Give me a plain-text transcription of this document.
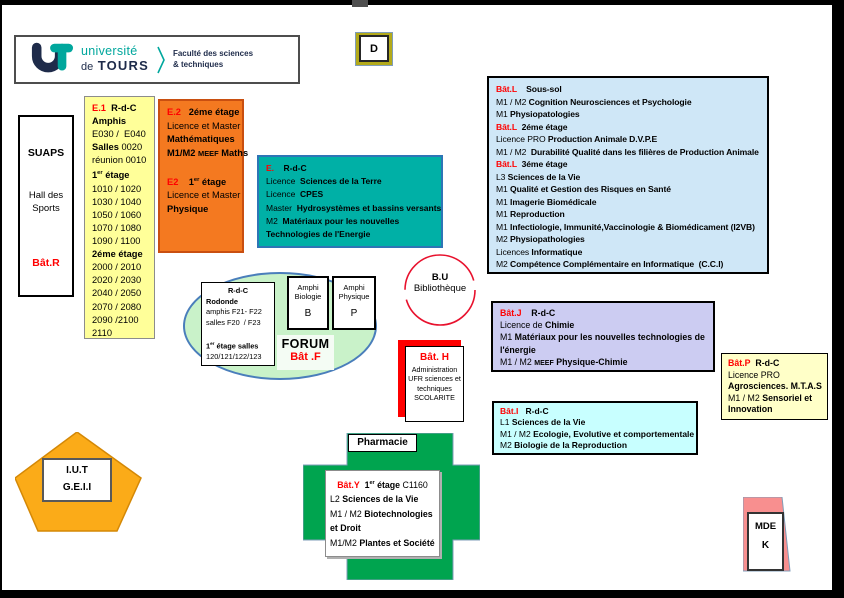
université
de TOURS
Faculté des sciences
& techniques
D
SUAPS
Hall des
Sports
Bât.R
E.1 R-d-C
Amphis
E030 /  E040
Salles 0020
réunion 0010
1er étage
1010 / 1020
1030 / 1040
1050 / 1060
1070 / 1080
1090 / 1100
2éme étage
2000 / 2010
2020 / 2030
2040 / 2050
2070 / 2080
2090 /2100
2110
E.2 2éme étage
Licence et Master
Mathématiques
M1/M2 MEEF Maths

E2 1er étage
Licence et Master
Physique
E. R-d-C
Licence  Sciences de la Terre
Licence  CPES
Master  Hydrosystèmes et bassins versants
M2  Matériaux pour les nouvelles
Technologies de l'Energie
Bât.L Sous-sol
M1 / M2 Cognition Neurosciences et Psychologie
M1 Physiopatologies
Bât.L 2éme étage
Licence PRO Production Animale D.V.P.E
M1 / M2  Durabilité Qualité dans les filières de Production Animale
Bât.L 3éme étage
L3 Sciences de la Vie
M1 Qualité et Gestion des Risques en Santé
M1 Imagerie Biomédicale
M1 Reproduction
M1 Infectiologie, Immunité,Vaccinologie & Biomédicament (I2VB)
M2 Physiopathologies
Licences Informatique
M2 Compétence Complémentaire en Informatique  (C.C.I)
Bât.J R-d-C
Licence de Chimie
M1 Matériaux pour les nouvelles technologies de
l'énergie
M1 / M2 MEEF Physique-Chimie	Bât.P R-d-C
Licence PRO
Agrosciences. M.T.A.S
M1 / M2 Sensoriel et
Innovation
Bât.I R-d-C
L1 Sciences de la Vie
M1 / M2 Ecologie, Evolutive et comportementale
M2 Biologie de la Reproduction
R-d-C
Rodonde
amphis F21- F22
salles F20  / F23

1er étage salles
120/121/122/123
Amphi
Biologie
B
Amphi
Physique
P
FORUM
Bât .F
B.U
Bibliothèque
Bât. H
Administration
UFR sciences et
techniques
SCOLARITE
Pharmacie
Bât.Y 1er étage C1160
L2 Sciences de la Vie
M1 / M2 Biotechnologies
et Droit
M1/M2 Plantes et Société
I.U.T
G.E.I.I
MDE
K
